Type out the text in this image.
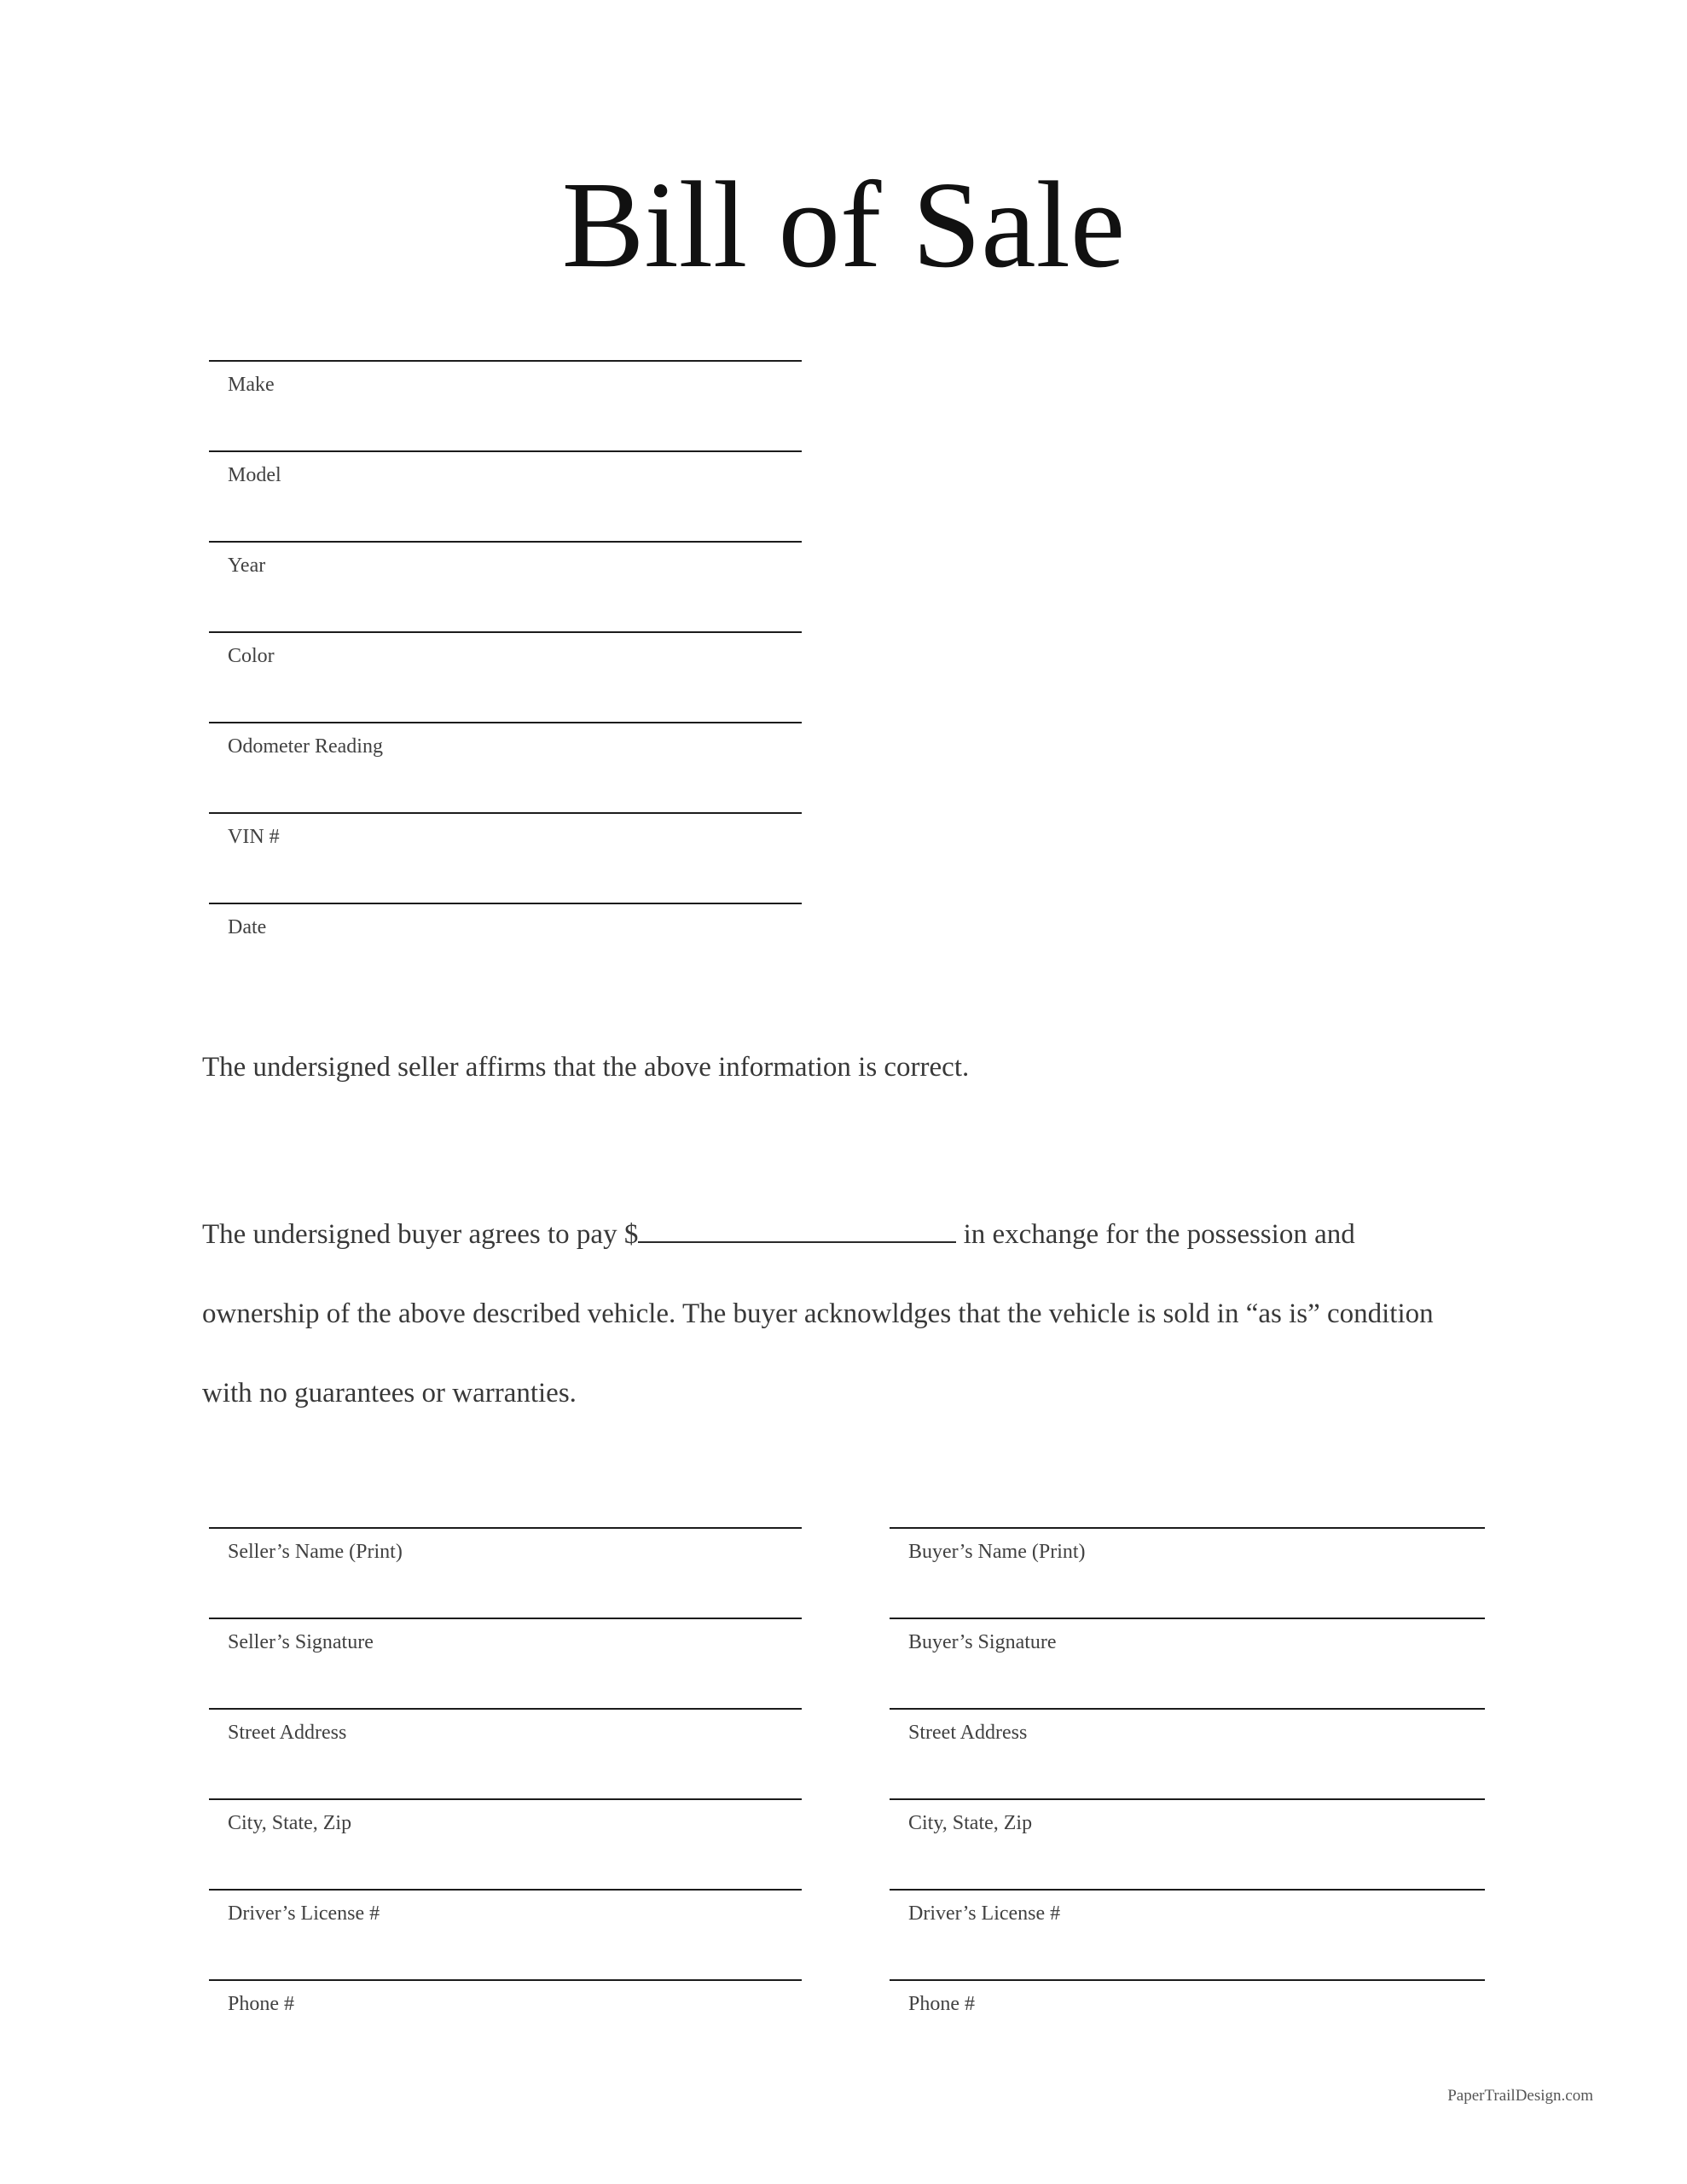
Bill of Sale
Make
Model
Year
Color
Odometer Reading
VIN #
Date

The undersigned seller affirms that the above information is correct.

The undersigned buyer agrees to pay $	in exchange for the possession and ownership of the above described vehicle. The buyer acknowldges that the vehicle is sold in “as is” condition with no guarantees or warranties.

Seller’s Name (Print)
Seller’s Signature
Street Address
City, State, Zip
Driver’s License #
Phone #
Buyer’s Name (Print)
Buyer’s Signature
Street Address
City, State, Zip
Driver’s License #
Phone #
PaperTrailDesign.com
